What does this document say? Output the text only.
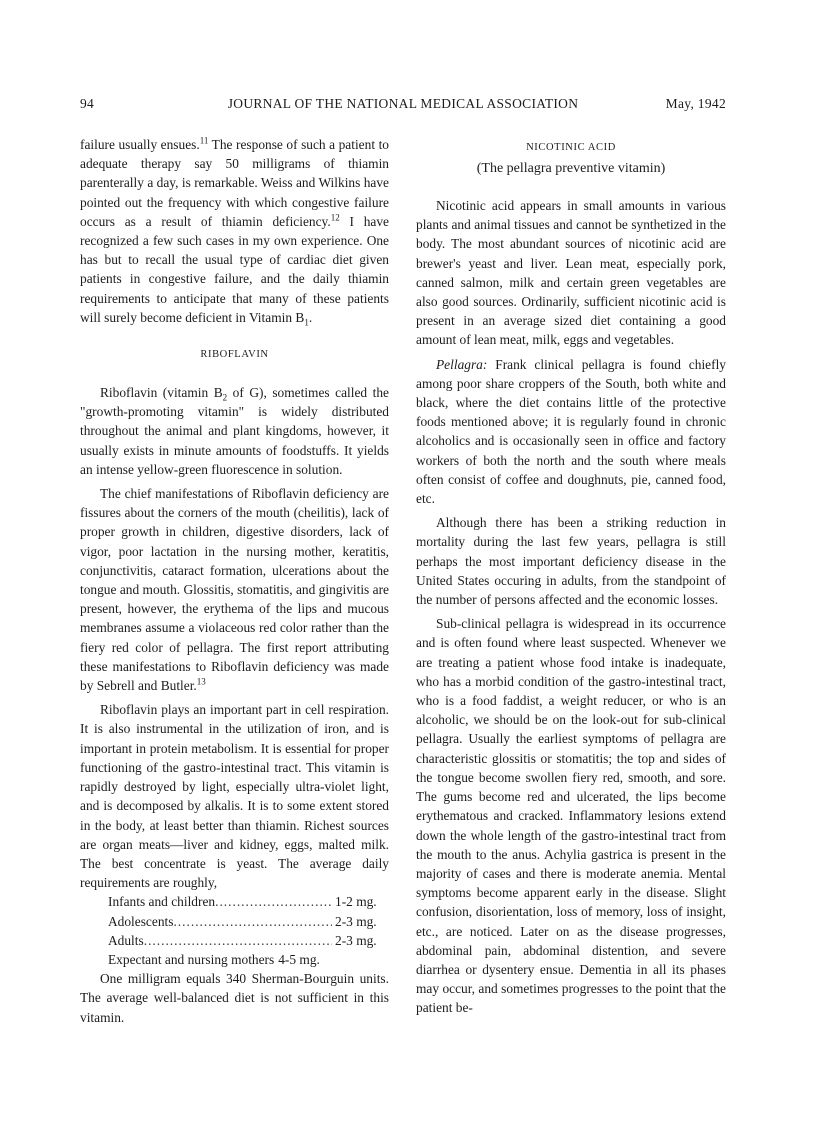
94	JOURNAL OF THE NATIONAL MEDICAL ASSOCIATION	May, 1942

failure usually ensues.$^{11}$ The response of such a patient to adequate therapy say 50 milligrams of thiamin parenterally a day, is remarkable. Weiss and Wilkins have pointed out the frequency with which congestive failure occurs as a result of thiamin deficiency.$^{12}$ I have recognized a few such cases in my own experience. One has but to recall the usual type of cardiac diet given patients in congestive failure, and the daily thiamin requirements to anticipate that many of these patients will surely become deficient in Vitamin $B_1$.

RIBOFLAVIN

Riboflavin (vitamin $B_2$ of G), sometimes called the "growth-promoting vitamin" is widely distributed throughout the animal and plant kingdoms, however, it usually exists in minute amounts of foodstuffs. It yields an intense yellow-green fluorescence in solution.

The chief manifestations of Riboflavin deficiency are fissures about the corners of the mouth (cheilitis), lack of proper growth in children, digestive disorders, lack of vigor, poor lactation in the nursing mother, keratitis, conjunctivitis, cataract formation, ulcerations about the tongue and mouth. Glossitis, stomatitis, and gingivitis are present, however, the erythema of the lips and mucous membranes assume a violaceous red color rather than the fiery red color of pellagra. The first report attributing these manifestations to Riboflavin deficiency was made by Sebrell and Butler.$^{13}$

Riboflavin plays an important part in cell respiration. It is also instrumental in the utilization of iron, and is important in protein metabolism. It is essential for proper functioning of the gastro-intestinal tract. This vitamin is rapidly destroyed by light, especially ultra-violet light, and is decomposed by alkalis. It is to some extent stored in the body, at least better than thiamin. Richest sources are organ meats—liver and kidney, eggs, malted milk. The best concentrate is yeast. The average daily requirements are roughly,

Infants and children .....	1-2 mg.
Adolescents .....	2-3 mg.
Adults .....	2-3 mg.
Expectant and nursing mothers 4-5 mg.

One milligram equals 340 Sherman-Bourguin units. The average well-balanced diet is not sufficient in this vitamin.

NICOTINIC ACID
(The pellagra preventive vitamin)

Nicotinic acid appears in small amounts in various plants and animal tissues and cannot be synthetized in the body. The most abundant sources of nicotinic acid are brewer's yeast and liver. Lean meat, especially pork, canned salmon, milk and certain green vegetables are also good sources. Ordinarily, sufficient nicotinic acid is present in an average sized diet containing a good amount of lean meat, milk, eggs and vegetables.

Pellagra: Frank clinical pellagra is found chiefly among poor share croppers of the South, both white and black, where the diet contains little of the protective foods mentioned above; it is regularly found in chronic alcoholics and is occasionally seen in office and factory workers of both the north and the south where meals often consist of coffee and doughnuts, pie, canned food, etc.

Although there has been a striking reduction in mortality during the last few years, pellagra is still perhaps the most important deficiency disease in the United States occuring in adults, from the standpoint of the number of persons affected and the economic losses.

Sub-clinical pellagra is widespread in its occurrence and is often found where least suspected. Whenever we are treating a patient whose food intake is inadequate, who has a morbid condition of the gastro-intestinal tract, who is a food faddist, a weight reducer, or who is an alcoholic, we should be on the look-out for sub-clinical pellagra. Usually the earliest symptoms of pellagra are characteristic glossitis or stomatitis; the top and sides of the tongue become swollen fiery red, smooth, and sore. The gums become red and ulcerated, the lips become erythematous and cracked. Inflammatory lesions extend down the whole length of the gastro-intestinal tract from the mouth to the anus. Achylia gastrica is present in the majority of cases and there is moderate anemia. Mental symptoms become apparent early in the disease. Slight confusion, disorientation, loss of memory, loss of insight, etc., are noticed. Later on as the disease progresses, abdominal pain, abdominal distention, and severe diarrhea or dysentery ensue. Dementia in all its phases may occur, and sometimes progresses to the point that the patient be-
